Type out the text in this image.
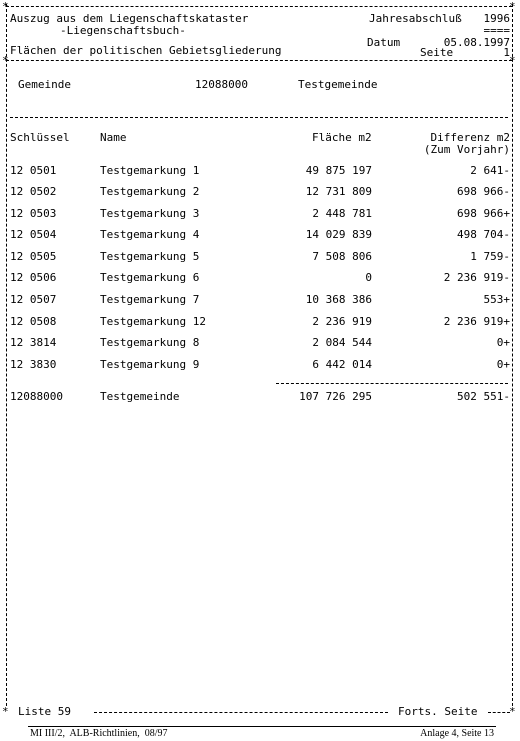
*	*
Auszug aus dem Liegenschaftskataster
-Liegenschaftsbuch-
Jahresabschluß 1996
====
Datum	05.08.1997
Flächen der politischen Gebietsgliederung	Seite	1
*	*
Gemeinde	12088000	Testgemeinde
Schlüssel	Name	Fläche m2	Differenz m2
(Zum Vorjahr)
12 0501	Testgemarkung 1	49 875 197	2 641-
12 0502	Testgemarkung 2	12 731 809	698 966-
12 0503	Testgemarkung 3	2 448 781	698 966+
12 0504	Testgemarkung 4	14 029 839	498 704-
12 0505	Testgemarkung 5	7 508 806	1 759-
12 0506	Testgemarkung 6	0	2 236 919-
12 0507	Testgemarkung 7	10 368 386	553+
12 0508	Testgemarkung 12	2 236 919	2 236 919+
12 3814	Testgemarkung 8	2 084 544	0+
12 3830	Testgemarkung 9	6 442 014	0+
12088000	Testgemeinde	107 726 295	502 551-
* Liste 59	Forts. Seite	*
MI III/2,  ALB-Richtlinien,  08/97	Anlage 4, Seite 13
